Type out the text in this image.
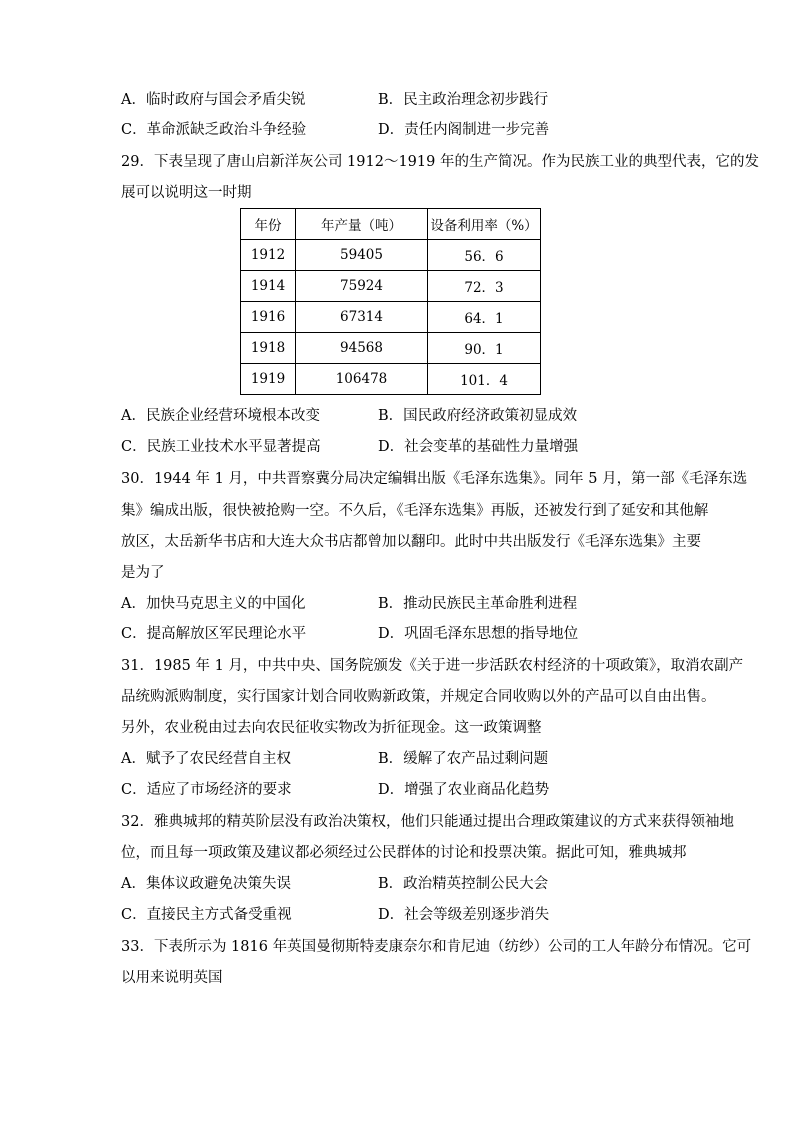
A．临时政府与国会矛盾尖锐	B．民主政治理念初步践行
C．革命派缺乏政治斗争经验	D．责任内阁制进一步完善
29．下表呈现了唐山启新洋灰公司 1912～1919 年的生产简况。作为民族工业的典型代表，它的发
展可以说明这一时期
年份	年产量（吨）	设备利用率（%）
1912	59405	56．6
1914	75924	72．3
1916	67314	64．1
1918	94568	90．1
1919	106478	101．4
A．民族企业经营环境根本改变	B．国民政府经济政策初显成效
C．民族工业技术水平显著提高	D．社会变革的基础性力量增强
30．1944 年 1 月，中共晋察冀分局决定编辑出版《毛泽东选集》。同年 5 月，第一部《毛泽东选
集》编成出版，很快被抢购一空。不久后，《毛泽东选集》再版，还被发行到了延安和其他解
放区，太岳新华书店和大连大众书店都曾加以翻印。此时中共出版发行《毛泽东选集》主要
是为了
A．加快马克思主义的中国化	B．推动民族民主革命胜利进程
C．提高解放区军民理论水平	D．巩固毛泽东思想的指导地位
31．1985 年 1 月，中共中央、国务院颁发《关于进一步活跃农村经济的十项政策》，取消农副产
品统购派购制度，实行国家计划合同收购新政策，并规定合同收购以外的产品可以自由出售。
另外，农业税由过去向农民征收实物改为折征现金。这一政策调整
A．赋予了农民经营自主权	B．缓解了农产品过剩问题
C．适应了市场经济的要求	D．增强了农业商品化趋势
32．雅典城邦的精英阶层没有政治决策权，他们只能通过提出合理政策建议的方式来获得领袖地
位，而且每一项政策及建议都必须经过公民群体的讨论和投票决策。据此可知，雅典城邦
A．集体议政避免决策失误	B．政治精英控制公民大会
C．直接民主方式备受重视	D．社会等级差别逐步消失
33．下表所示为 1816 年英国曼彻斯特麦康奈尔和肯尼迪（纺纱）公司的工人年龄分布情况。它可
以用来说明英国
